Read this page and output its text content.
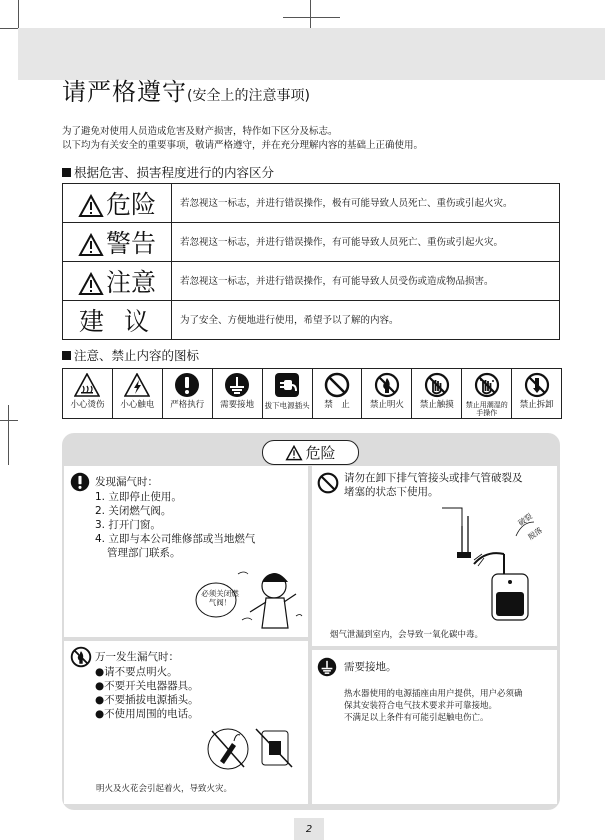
请严格遵守(安全上的注意事项)
为了避免对使用人员造成危害及财产损害，特作如下区分及标志。
以下均为有关安全的重要事项，敬请严格遵守，并在充分理解内容的基础上正确使用。
根据危害、损害程度进行的内容区分
危险	若忽视这一标志，并进行错误操作，极有可能导致人员死亡、重伤或引起火灾。
警告	若忽视这一标志，并进行错误操作，有可能导致人员死亡、重伤或引起火灾。
注意	若忽视这一标志，并进行错误操作，有可能导致人员受伤或造成物品损害。
建 议	为了安全、方便地进行使用，希望予以了解的内容。
注意、禁止内容的图标
小心烫伤 小心触电 严格执行 需要接地 拔下电源插头 禁　止 禁止明火 禁止触摸 禁止用潮湿的手操作
禁止拆卸
危险
发现漏气时：
1. 立即停止使用。
2. 关闭燃气阀。
3. 打开门窗。
4. 立即与本公司维修部或当地燃气
管理部门联系。
必须关闭燃气阀！
请勿在卸下排气管接头或排气管破裂及
堵塞的状态下使用。
破裂
脱落
烟气泄漏到室内，会导致一氧化碳中毒。
万一发生漏气时：
●请不要点明火。
●不要开关电器器具。
●不要插拔电源插头。
●不使用周围的电话。
明火及火花会引起着火，导致火灾。
需要接地。
热水器使用的电源插座由用户提供，用户必须确
保其安装符合电气技术要求并可靠接地。
不满足以上条件有可能引起触电伤亡。
2
